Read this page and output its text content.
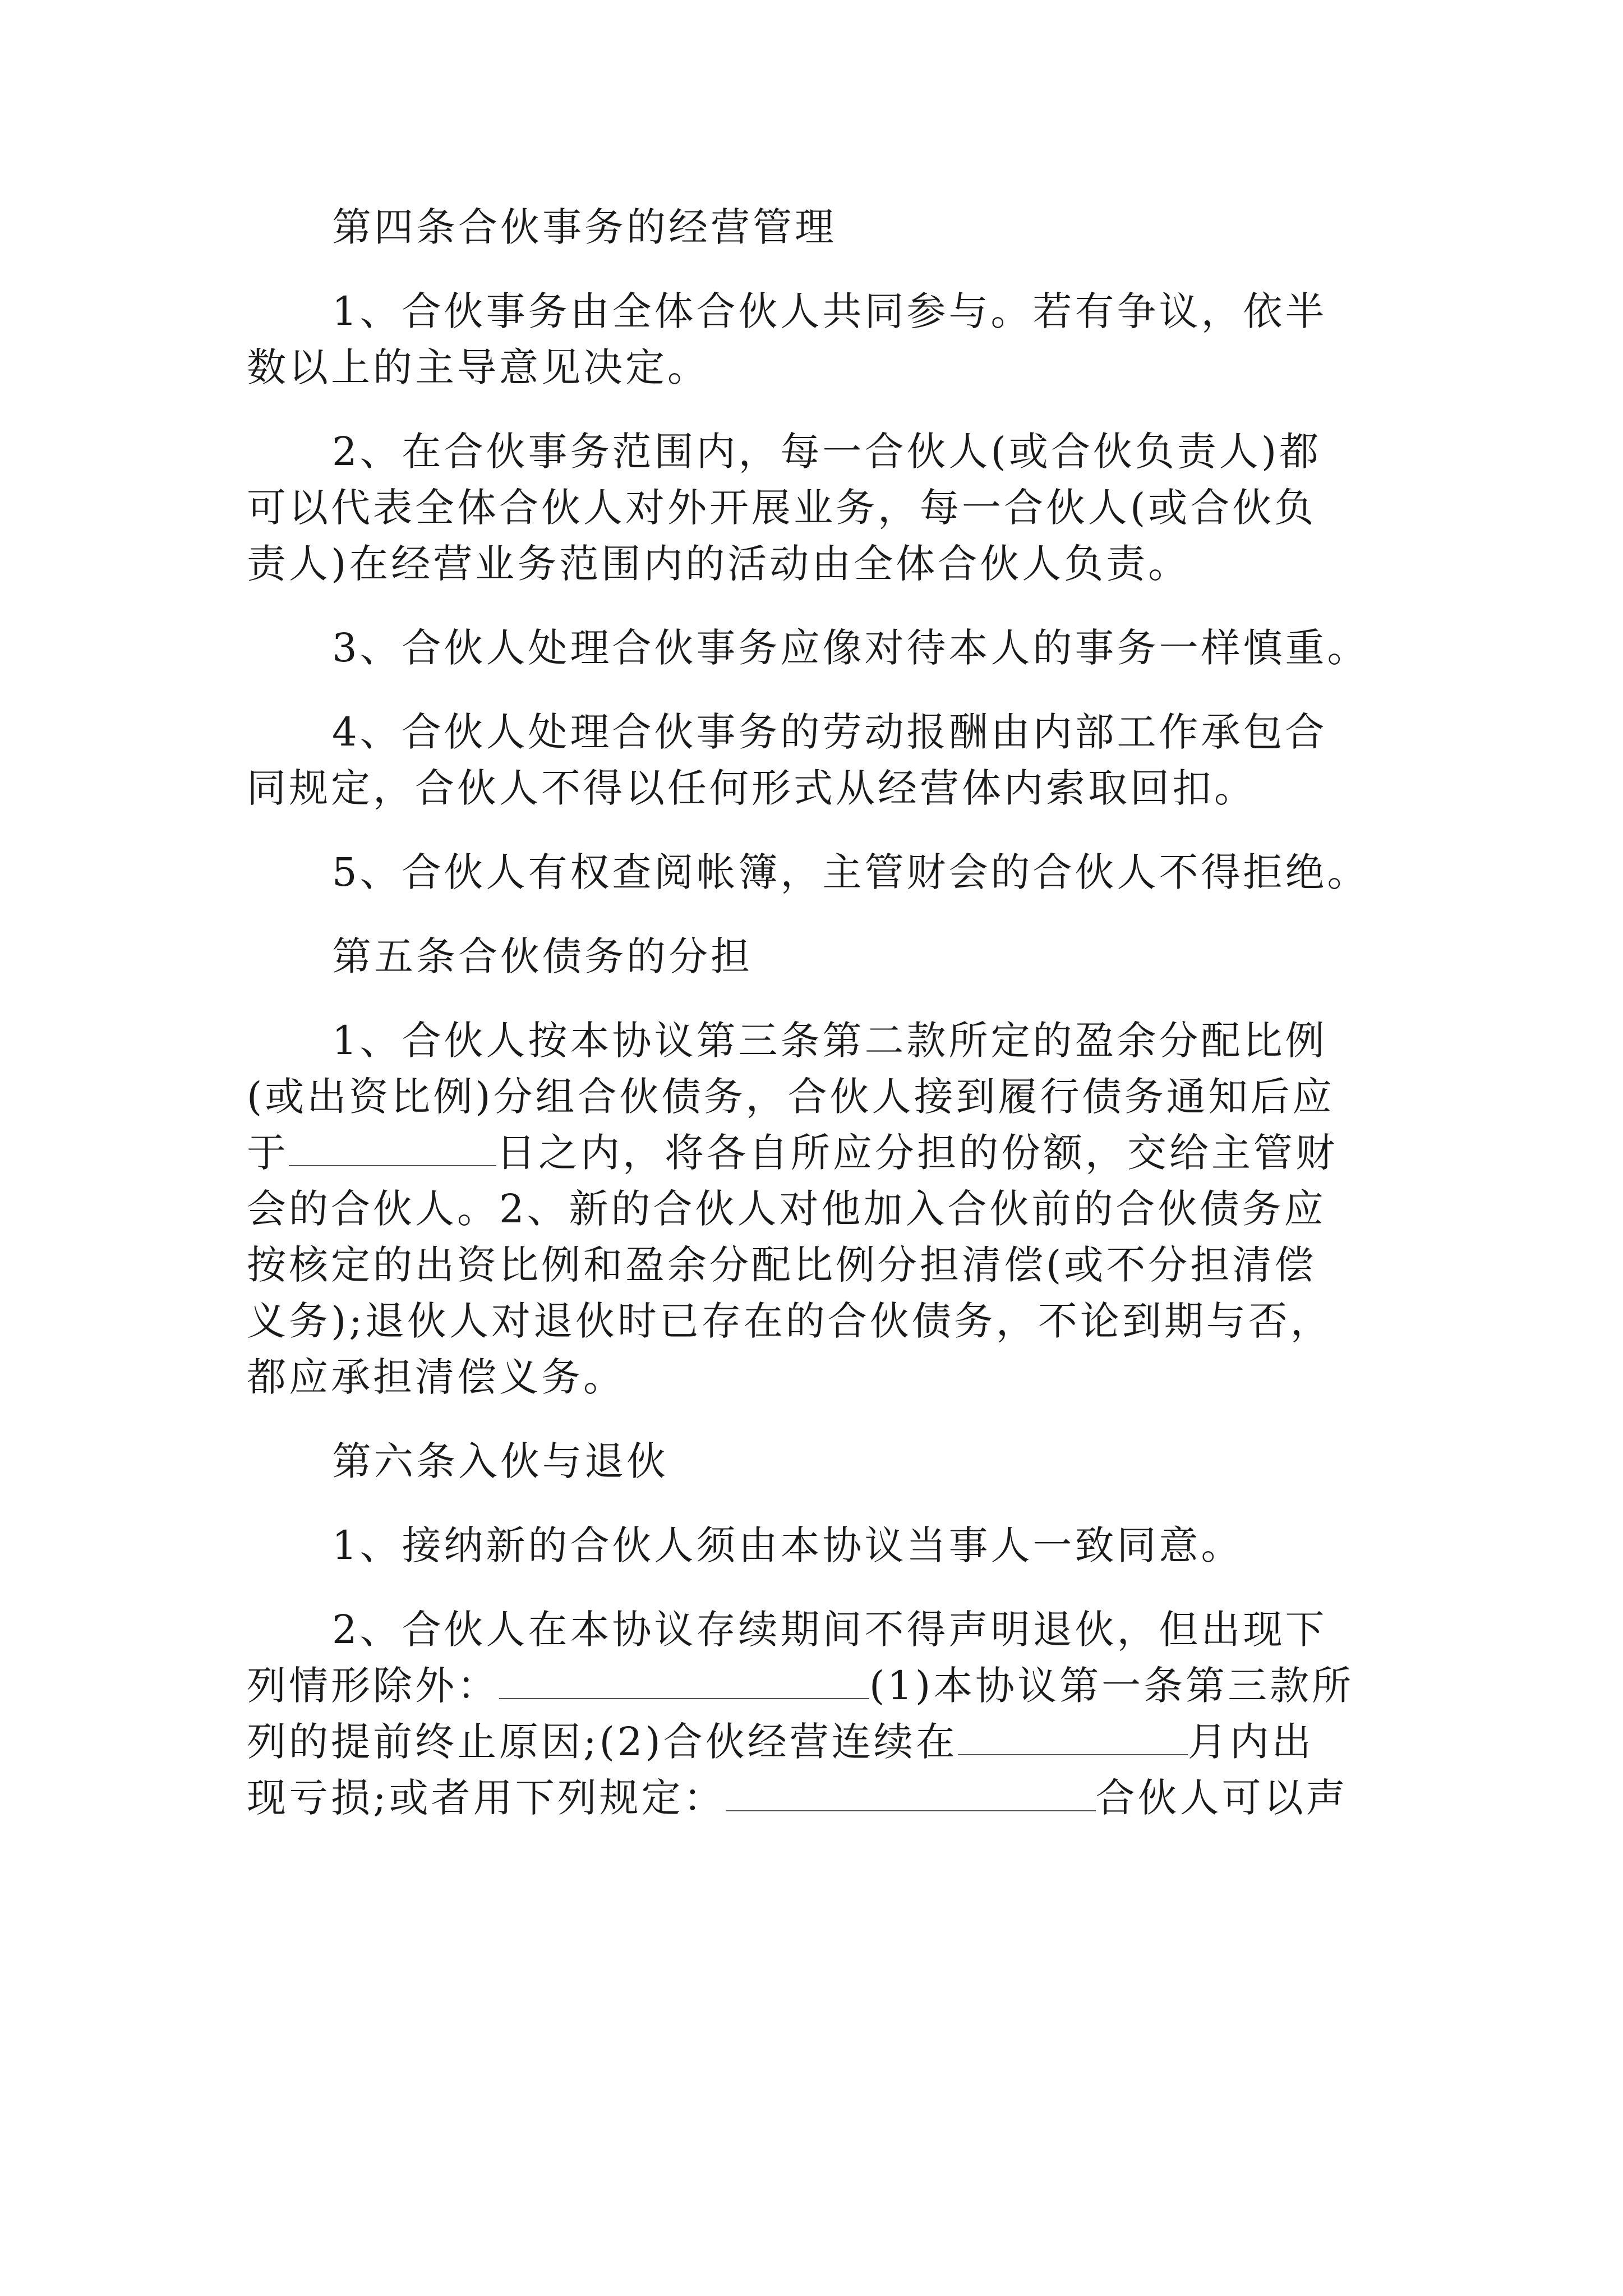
第四条合伙事务的经营管理
1、合伙事务由全体合伙人共同参与。若有争议，依半
数以上的主导意见决定。
2、在合伙事务范围内，每一合伙人(或合伙负责人)都
可以代表全体合伙人对外开展业务，每一合伙人(或合伙负
责人)在经营业务范围内的活动由全体合伙人负责。
3、合伙人处理合伙事务应像对待本人的事务一样慎重。
4、合伙人处理合伙事务的劳动报酬由内部工作承包合
同规定，合伙人不得以任何形式从经营体内索取回扣。
5、合伙人有权查阅帐簿，主管财会的合伙人不得拒绝。
第五条合伙债务的分担
1、合伙人按本协议第三条第二款所定的盈余分配比例
(或出资比例)分组合伙债务，合伙人接到履行债务通知后应
于	日之内，将各自所应分担的份额，交给主管财
会的合伙人。2、新的合伙人对他加入合伙前的合伙债务应
按核定的出资比例和盈余分配比例分担清偿(或不分担清偿
义务);退伙人对退伙时已存在的合伙债务，不论到期与否，
都应承担清偿义务。
第六条入伙与退伙
1、接纳新的合伙人须由本协议当事人一致同意。
2、合伙人在本协议存续期间不得声明退伙，但出现下
列情形除外：	(1)本协议第一条第三款所
列的提前终止原因;(2)合伙经营连续在	月内出
现亏损;或者用下列规定：	合伙人可以声
